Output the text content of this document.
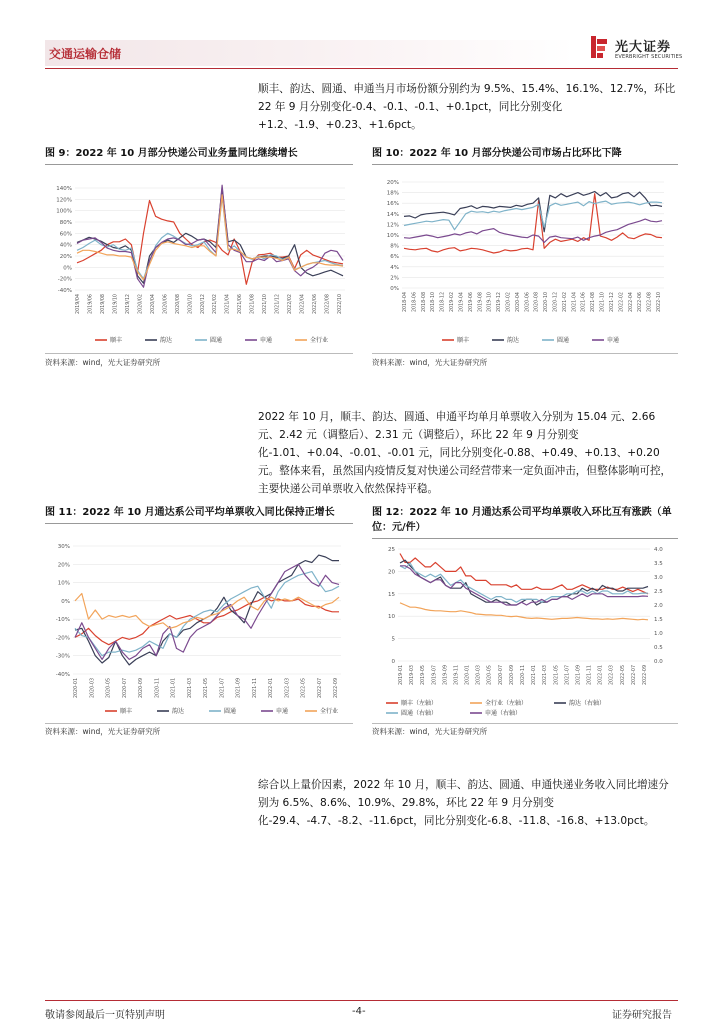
交通运输仓储	光大证券
EVERBRIGHT SECURITIES

顺丰、韵达、圆通、申通当月市场份额分别约为 9.5%、15.4%、16.1%、12.7%，环比 22 年 9 月分别变化-0.4、-0.1、-0.1、+0.1pct，同比分别变化+1.2、-1.9、+0.23、+1.6pct。

图 9：2022 年 10 月部分快递公司业务量同比继续增长
140%
120%
100%
80%
60%
40%
20%
0%
-20%
-40%
2019/04 2019/06 2019/08 2019/10 2019/12 2020/02 2020/04 2020/06 2020/08 2020/10 2020/12 2021/02 2021/04 2021/06 2021/08 2021/10 2021/12 2022/02 2022/04 2022/06 2022/08 2022/10
顺丰	韵达	圆通	申通	全行业
资料来源：wind，光大证券研究所
图 10：2022 年 10 月部分快递公司市场占比环比下降
20%
18%
16%
14%
12%
10%
8%
6%
4%
2%
0%
2018-04 2018-06 2018-08 2018-10 2018-12 2019-02 2019-04 2019-06 2019-08 2019-10 2019-12 2020-02 2020-04 2020-06 2020-08 2020-10 2020-12 2021-02 2021-04 2021-06 2021-08 2021-10 2021-12 2022-02 2022-04 2022-06 2022-08 2022-10
顺丰	韵达	圆通	申通
资料来源：wind，光大证券研究所

2022 年 10 月，顺丰、韵达、圆通、申通平均单月单票收入分别为 15.04 元、2.66 元、2.42 元（调整后）、2.31 元（调整后），环比 22 年 9 月分别变化-1.01、+0.04、-0.01、-0.01 元，同比分别变化-0.88、+0.49、+0.13、+0.20 元。整体来看，虽然国内疫情反复对快递公司经营带来一定负面冲击，但整体影响可控，主要快递公司单票收入依然保持平稳。

图 11：2022 年 10 月通达系公司平均单票收入同比保持正增长
30%
20%
10%
0%
-10%
-20%
-30%
-40%
2020-01 2020-03 2020-05 2020-07 2020-09 2020-11 2021-01 2021-03 2021-05 2021-07 2021-09 2021-11 2022-01 2022-03 2022-05 2022-07 2022-09
顺丰	韵达	圆通	申通	全行业
资料来源：wind，光大证券研究所
图 12：2022 年 10 月通达系公司平均单票收入环比互有涨跌（单位：元/件）
25
20
15
10
5
0
4.0
3.5
3.0
2.5
2.0
1.5
1.0
0.5
0.0
2019-01 2019-03 2019-05 2019-07 2019-09 2019-11 2020-01 2020-03 2020-05 2020-07 2020-09 2020-11 2021-01 2021-03 2021-05 2021-07 2021-09 2021-11 2022-01 2022-03 2022-05 2022-07 2022-09
顺丰（左轴）	全行业（左轴）	韵达（右轴）
圆通（右轴）	申通（右轴）
资料来源：wind，光大证券研究所

综合以上量价因素，2022 年 10 月，顺丰、韵达、圆通、申通快递业务收入同比增速分别为 6.5%、8.6%、10.9%、29.8%，环比 22 年 9 月分别变化-29.4、-4.7、-8.2、-11.6pct，同比分别变化-6.8、-11.8、-16.8、+13.0pct。

敬请参阅最后一页特别声明	-4-	证券研究报告
